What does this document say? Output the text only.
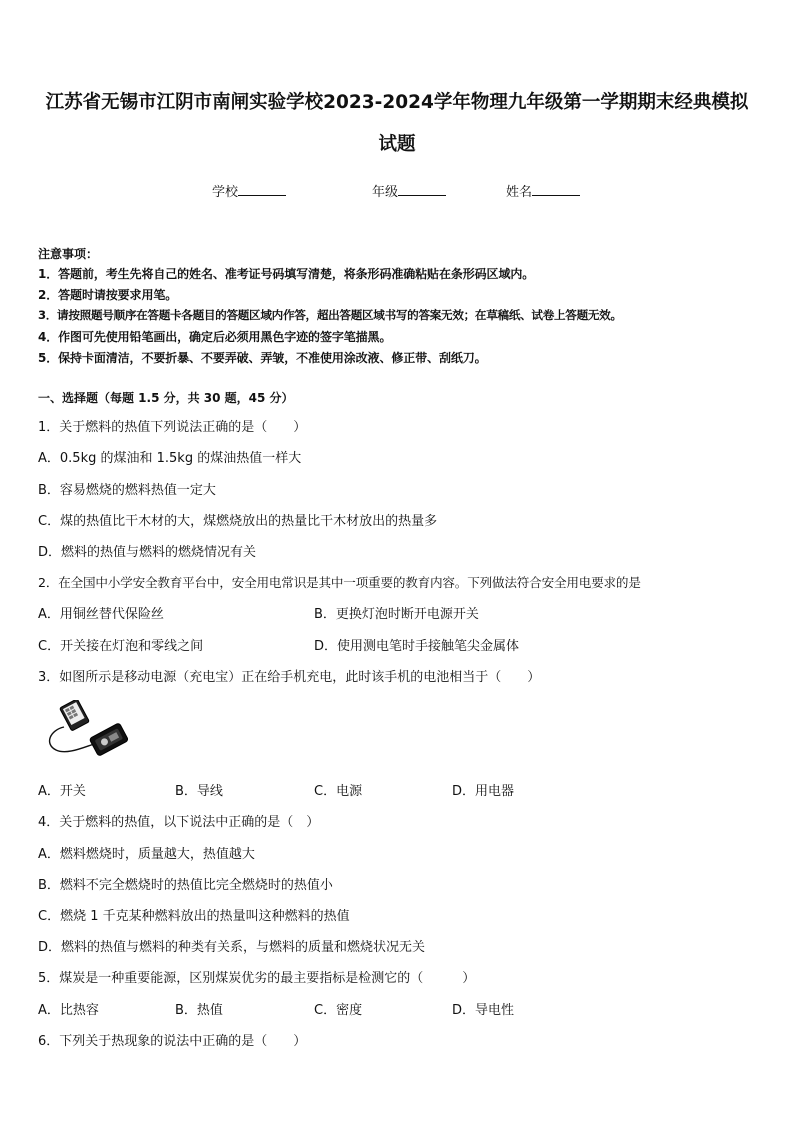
江苏省无锡市江阴市南闸实验学校2023-2024学年物理九年级第一学期期末经典模拟
试题
学校	年级	姓名
注意事项：
1．答题前，考生先将自己的姓名、准考证号码填写清楚，将条形码准确粘贴在条形码区域内。
2．答题时请按要求用笔。
3．请按照题号顺序在答题卡各题目的答题区域内作答，超出答题区域书写的答案无效；在草稿纸、试卷上答题无效。
4．作图可先使用铅笔画出，确定后必须用黑色字迹的签字笔描黑。
5．保持卡面清洁，不要折暴、不要弄破、弄皱，不准使用涂改液、修正带、刮纸刀。
一、选择题（每题 1.5 分，共 30 题，45 分）
1．关于燃料的热值下列说法正确的是（　　）
A．0.5kg 的煤油和 1.5kg 的煤油热值一样大
B．容易燃烧的燃料热值一定大
C．煤的热值比干木材的大，煤燃烧放出的热量比干木材放出的热量多
D．燃料的热值与燃料的燃烧情况有关
2．在全国中小学安全教育平台中，安全用电常识是其中一项重要的教育内容。下列做法符合安全用电要求的是
A．用铜丝替代保险丝	B．更换灯泡时断开电源开关
C．开关接在灯泡和零线之间	D．使用测电笔时手接触笔尖金属体
3．如图所示是移动电源（充电宝）正在给手机充电，此时该手机的电池相当于（　　）
A．开关	B．导线	C．电源	D．用电器
4．关于燃料的热值，以下说法中正确的是（　）
A．燃料燃烧时，质量越大，热值越大
B．燃料不完全燃烧时的热值比完全燃烧时的热值小
C．燃烧 1 千克某种燃料放出的热量叫这种燃料的热值
D．燃料的热值与燃料的种类有关系，与燃料的质量和燃烧状况无关
5．煤炭是一种重要能源，区别煤炭优劣的最主要指标是检测它的（　　　）
A．比热容	B．热值	C．密度	D．导电性
6．下列关于热现象的说法中正确的是（　　）
